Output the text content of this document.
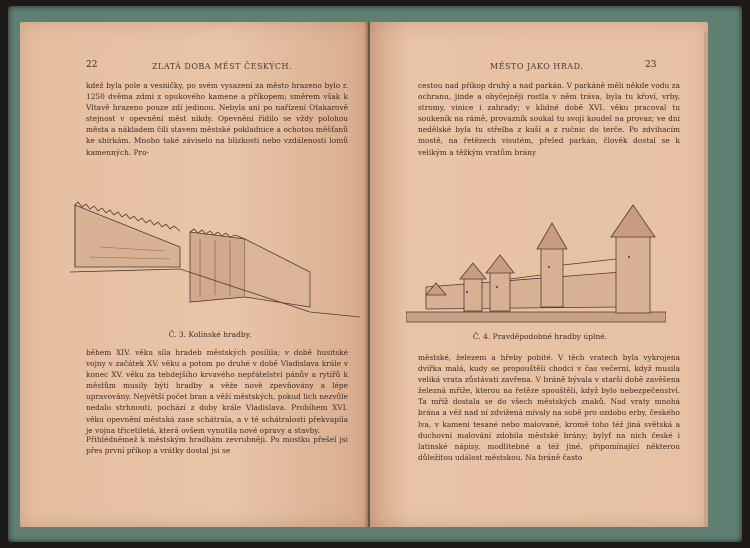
22	ZLATÁ DOBA MĚST ČESKÝCH.
kdež byla pole a vesničky, po svém vysazení za město hrazeno bylo r. 1250 dvěma zdmi z opukového kamene a příkopem; směrem však k Vltavě hrazeno pouze zdí jedinou. Nebyla ani po nařízení Otakarově stejnost v opevnění měst nikdy. Opevnění řídilo se vždy polohou města a nákladem čili stavem městské pokladnice a ochotou měšťanů ke sbírkám. Mnoho také záviselo na blízkosti nebo vzdálenosti lomů kamenných. Pro-
Č. 3. Kolínské hradby.
během XIV. věku síla hradeb městských posílila; v době husitské vojny v začátek XV. věku a potom po druhé v době Vladislava krále v konec XV. věku za tehdejšího krvavého nepřátelství pánův a rytířů k městům musily býti hradby a věže nově zpevňovány a lépe upravovány. Největší počet bran a věží městských, pokud lich nezvůle nedalo strhnouti, pochází z doby krále Vladislava. Probíhem XVI. věku opevnění městská zase schátrala, a v té schátralosti překvapila je vojna třicetiletá, která ovšem vynutila nové opravy a stavby.
Přihlédněmež k městským hradbám zevrubněji. Po mostku přešel jsi přes první příkop a vrátky dostal jsi se
MĚSTO JAKO HRAD.	23
cestou nad příkop druhý a nad parkán. V parkáně měli někde vodu za ochranu, jinde a obyčejněji rostla v něm tráva, byla tu křoví, vrby, stromy, vinice i zahrady; v klidné době XVI. věku pracoval tu soukeník na rámě, provazník soukal tu svoji koudel na provaz; ve dni nedělské byla tu střelba z kuší a z ručnic do terče. Po zdvihacím mostě, na řetězech visutém, přeled parkán, člověk dostal se k velikým a těžkým vratům brány
Č. 4. Pravděpodobné hradby úplné.
městské, železem a hřeby pobité. V těch vratech byla vykrojena dvířka malá, kudy se propouštěli chodci v čas večerní, když musila veliká vrata zůstávati zavřena. V bráně bývala v starší době zavěšena železná mříže, kterou na řetěze spouštěli, když bylo nebezpečenství. Ta mříž dostala se do všech městských znaků. Nad vraty mnohá brána a věž nad ní zdvižená mívaly na sobě pro ozdobu erby, českého lva, v kameni tesané nebo malované, kromě toho též jiná světská a duchovní malování zdobila městské brány; bylyť na nich české i latinské nápisy, modlitebné a též jiné, připomínající některou důležitou událost městskou. Na bráně často
